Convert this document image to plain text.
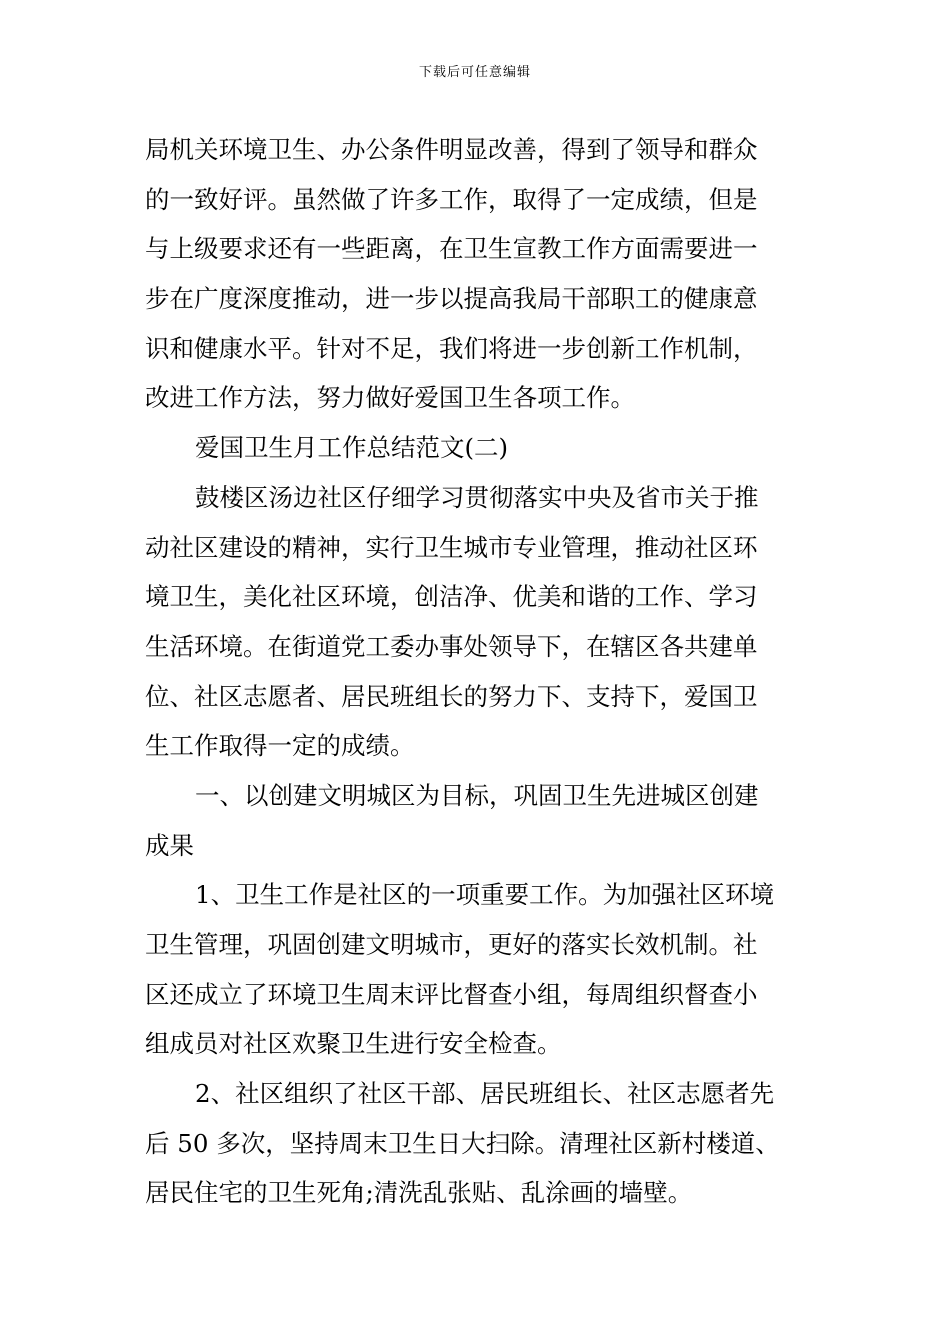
下载后可任意编辑
局机关环境卫生、办公条件明显改善，得到了领导和群众
的一致好评。虽然做了许多工作，取得了一定成绩，但是
与上级要求还有一些距离，在卫生宣教工作方面需要进一
步在广度深度推动，进一步以提高我局干部职工的健康意
识和健康水平。针对不足，我们将进一步创新工作机制，
改进工作方法，努力做好爱国卫生各项工作。
爱国卫生月工作总结范文(二)
鼓楼区汤边社区仔细学习贯彻落实中央及省市关于推
动社区建设的精神，实行卫生城市专业管理，推动社区环
境卫生，美化社区环境，创洁净、优美和谐的工作、学习
生活环境。在街道党工委办事处领导下，在辖区各共建单
位、社区志愿者、居民班组长的努力下、支持下，爱国卫
生工作取得一定的成绩。
一、以创建文明城区为目标，巩固卫生先进城区创建
成果
1、卫生工作是社区的一项重要工作。为加强社区环境
卫生管理，巩固创建文明城市，更好的落实长效机制。社
区还成立了环境卫生周末评比督查小组，每周组织督查小
组成员对社区欢聚卫生进行安全检查。
2、社区组织了社区干部、居民班组长、社区志愿者先
后 50 多次，坚持周末卫生日大扫除。清理社区新村楼道、
居民住宅的卫生死角;清洗乱张贴、乱涂画的墙壁。
